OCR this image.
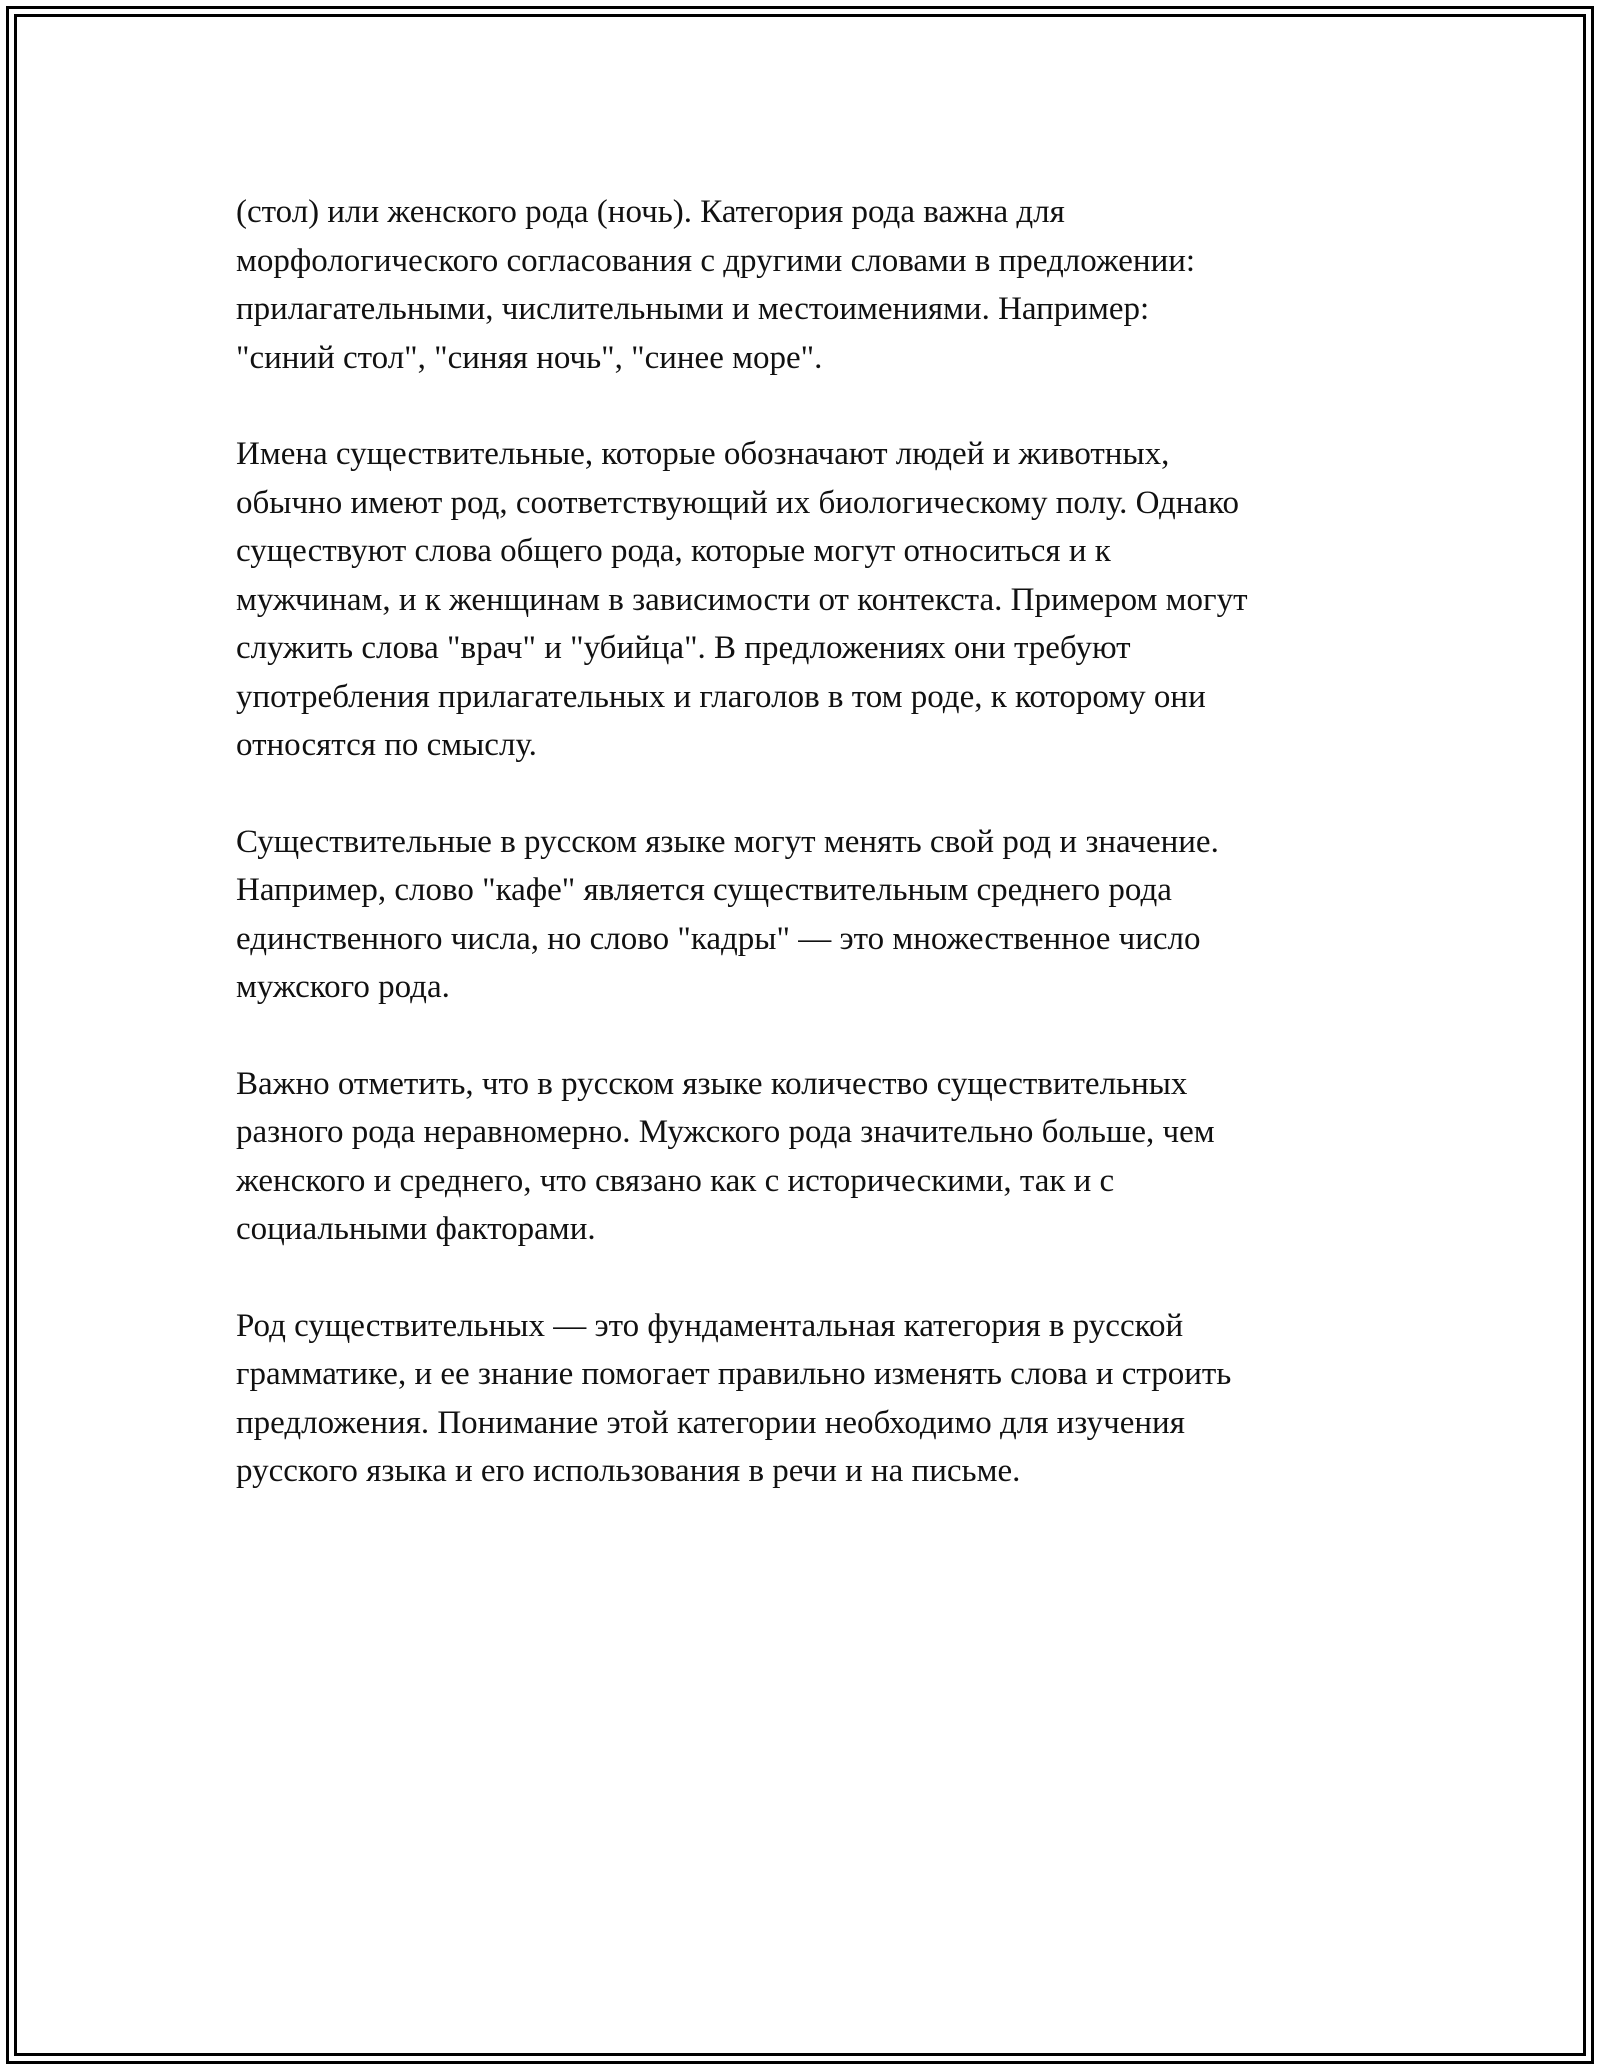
(стол) или женского рода (ночь). Категория рода важна для
морфологического согласования с другими словами в предложении:
прилагательными, числительными и местоимениями. Например:
"синий стол", "синяя ночь", "синее море".
Имена существительные, которые обозначают людей и животных,
обычно имеют род, соответствующий их биологическому полу. Однако
существуют слова общего рода, которые могут относиться и к
мужчинам, и к женщинам в зависимости от контекста. Примером могут
служить слова "врач" и "убийца". В предложениях они требуют
употребления прилагательных и глаголов в том роде, к которому они
относятся по смыслу.
Существительные в русском языке могут менять свой род и значение.
Например, слово "кафе" является существительным среднего рода
единственного числа, но слово "кадры" — это множественное число
мужского рода.
Важно отметить, что в русском языке количество существительных
разного рода неравномерно. Мужского рода значительно больше, чем
женского и среднего, что связано как с историческими, так и с
социальными факторами.
Род существительных — это фундаментальная категория в русской
грамматике, и ее знание помогает правильно изменять слова и строить
предложения. Понимание этой категории необходимо для изучения
русского языка и его использования в речи и на письме.
